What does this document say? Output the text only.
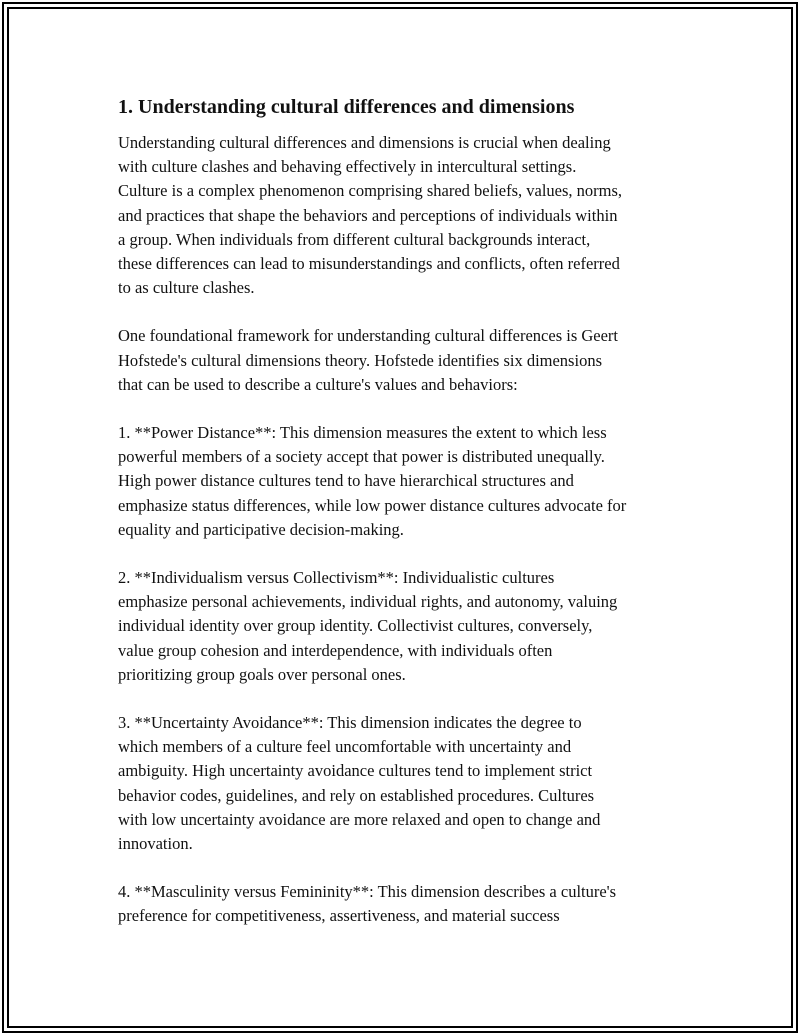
1. Understanding cultural differences and dimensions

Understanding cultural differences and dimensions is crucial when dealing
with culture clashes and behaving effectively in intercultural settings.
Culture is a complex phenomenon comprising shared beliefs, values, norms,
and practices that shape the behaviors and perceptions of individuals within
a group. When individuals from different cultural backgrounds interact,
these differences can lead to misunderstandings and conflicts, often referred
to as culture clashes.

One foundational framework for understanding cultural differences is Geert
Hofstede's cultural dimensions theory. Hofstede identifies six dimensions
that can be used to describe a culture's values and behaviors:

1. **Power Distance**: This dimension measures the extent to which less
powerful members of a society accept that power is distributed unequally.
High power distance cultures tend to have hierarchical structures and
emphasize status differences, while low power distance cultures advocate for
equality and participative decision-making.

2. **Individualism versus Collectivism**: Individualistic cultures
emphasize personal achievements, individual rights, and autonomy, valuing
individual identity over group identity. Collectivist cultures, conversely,
value group cohesion and interdependence, with individuals often
prioritizing group goals over personal ones.

3. **Uncertainty Avoidance**: This dimension indicates the degree to
which members of a culture feel uncomfortable with uncertainty and
ambiguity. High uncertainty avoidance cultures tend to implement strict
behavior codes, guidelines, and rely on established procedures. Cultures
with low uncertainty avoidance are more relaxed and open to change and
innovation.

4. **Masculinity versus Femininity**: This dimension describes a culture's
preference for competitiveness, assertiveness, and material success
